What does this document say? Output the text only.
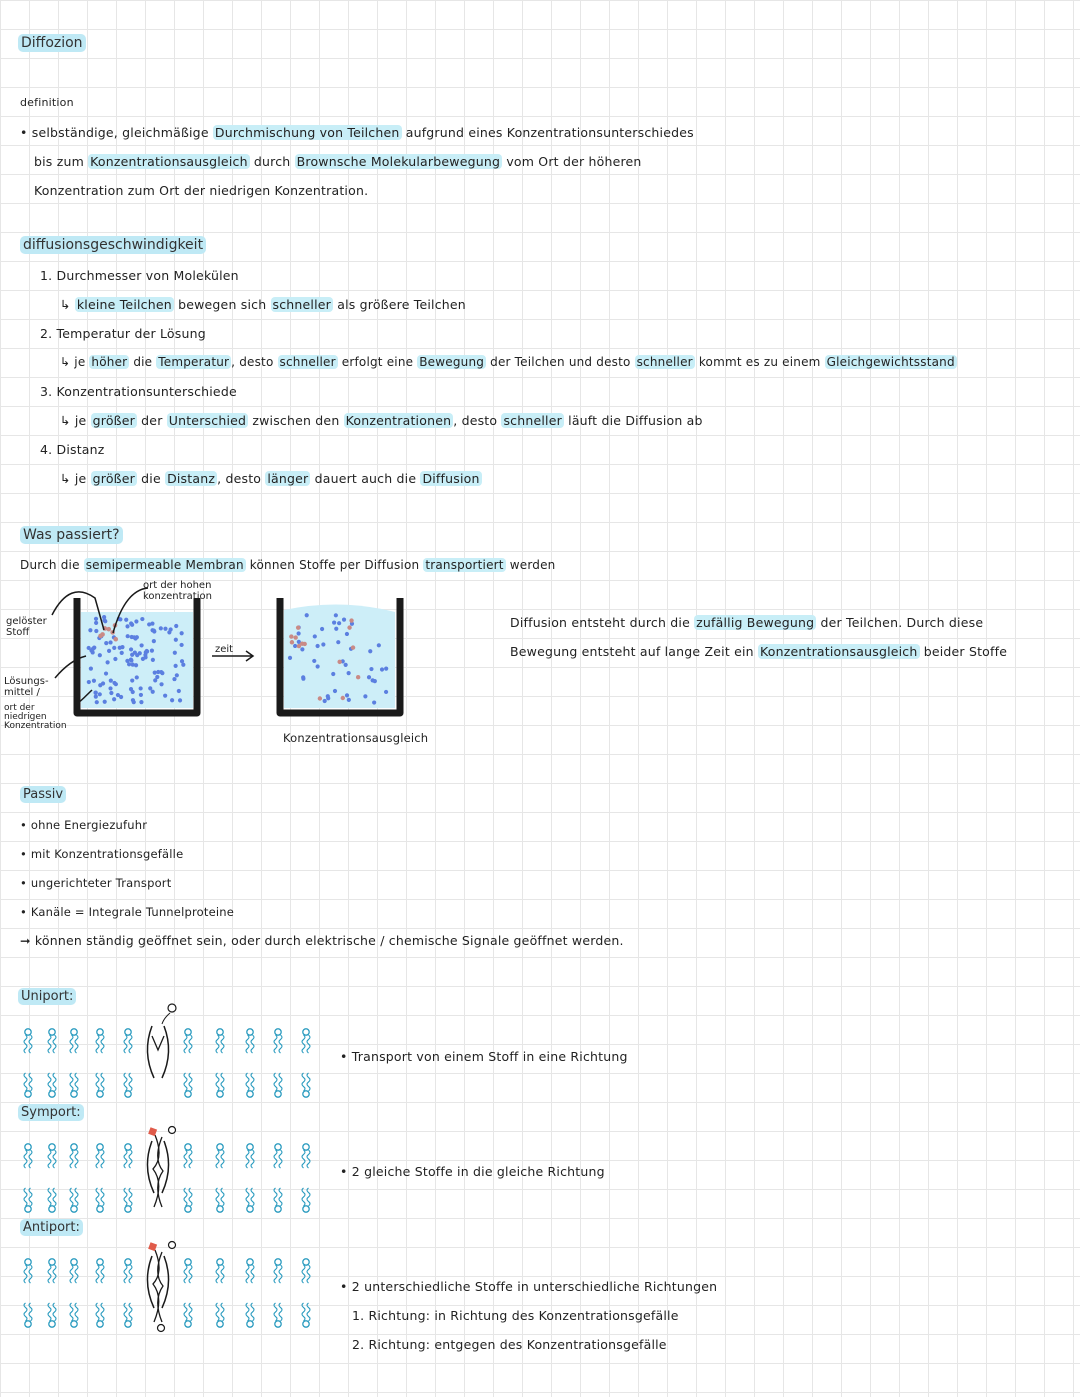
Diffozion
definition
• selbständige, gleichmäßige Durchmischung von Teilchen aufgrund eines Konzentrationsunterschiedes
bis zum Konzentrationsausgleich durch Brownsche Molekularbewegung vom Ort der höheren
Konzentration zum Ort der niedrigen Konzentration.
diffusionsgeschwindigkeit
1. Durchmesser von Molekülen
↳ kleine Teilchen bewegen sich schneller als größere Teilchen
2. Temperatur der Lösung
↳ je höher die Temperatur , desto schneller erfolgt eine Bewegung der Teilchen und desto schneller kommt es zu einem Gleichgewichtsstand
3. Konzentrationsunterschiede
↳ je größer der Unterschied zwischen den Konzentrationen , desto schneller läuft die Diffusion ab
4. Distanz
↳ je größer die Distanz , desto länger dauert auch die Diffusion
Was passiert?
Durch die semipermeable Membran können Stoffe per Diffusion transportiert werden
gelöster Stoff
ort der hohen konzentration
Lösungs- mittel /
ort der niedrigen Konzentration
zeit
Konzentrationsausgleich
Diffusion entsteht durch die zufällig Bewegung der Teilchen. Durch diese
Bewegung entsteht auf lange Zeit ein Konzentrationsausgleich beider Stoffe
Passiv
• ohne Energiezufuhr
• mit Konzentrationsgefälle
• ungerichteter Transport
• Kanäle = Integrale Tunnelproteine
➞ können ständig geöffnet sein, oder durch elektrische / chemische Signale geöffnet werden.
Uniport:
• Transport von einem Stoff in eine Richtung
Symport:
• 2 gleiche Stoffe in die gleiche Richtung
Antiport:
• 2 unterschiedliche Stoffe in unterschiedliche Richtungen
1. Richtung: in Richtung des Konzentrationsgefälle
2. Richtung: entgegen des Konzentrationsgefälle
